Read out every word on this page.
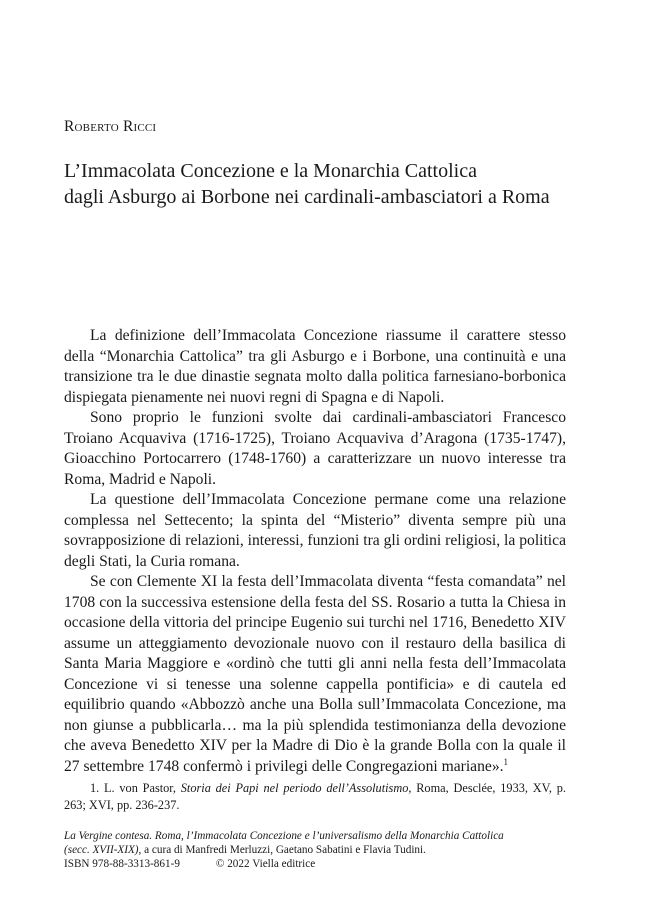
Roberto Ricci
L’Immacolata Concezione e la Monarchia Cattolica
dagli Asburgo ai Borbone nei cardinali-ambasciatori a Roma

La definizione dell’Immacolata Concezione riassume il carattere stesso della “Monarchia Cattolica” tra gli Asburgo e i Borbone, una continuità e una transizione tra le due dinastie segnata molto dalla politica farnesiano-borbonica dispiegata pienamente nei nuovi regni di Spagna e di Napoli.

Sono proprio le funzioni svolte dai cardinali-ambasciatori Francesco Troiano Acquaviva (1716-1725), Troiano Acquaviva d’Aragona (1735-1747), Gioacchino Portocarrero (1748-1760) a caratterizzare un nuovo interesse tra Roma, Madrid e Napoli.

La questione dell’Immacolata Concezione permane come una relazione complessa nel Settecento; la spinta del “Misterio” diventa sempre più una sovrapposizione di relazioni, interessi, funzioni tra gli ordini religiosi, la politica degli Stati, la Curia romana.

Se con Clemente XI la festa dell’Immacolata diventa “festa comandata” nel 1708 con la successiva estensione della festa del SS. Rosario a tutta la Chiesa in occasione della vittoria del principe Eugenio sui turchi nel 1716, Benedetto XIV assume un atteggiamento devozionale nuovo con il restauro della basilica di Santa Maria Maggiore e «ordinò che tutti gli anni nella festa dell’Immacolata Concezione vi si tenesse una solenne cappella pontificia» e di cautela ed equilibrio quando «Abbozzò anche una Bolla sull’Immacolata Concezione, ma non giunse a pubblicarla… ma la più splendida testimonianza della devozione che aveva Benedetto XIV per la Madre di Dio è la grande Bolla con la quale il 27 settembre 1748 confermò i privilegi delle Congregazioni mariane».$^1$

1. L. von Pastor, Storia dei Papi nel periodo dell’Assolutismo, Roma, Desclée, 1933, XV, p. 263; XVI, pp. 236-237.

La Vergine contesa. Roma, l’Immacolata Concezione e l’universalismo della Monarchia Cattolica
(secc. XVII-XIX), a cura di Manfredi Merluzzi, Gaetano Sabatini e Flavia Tudini.
ISBN 978-88-3313-861-9	© 2022 Viella editrice
